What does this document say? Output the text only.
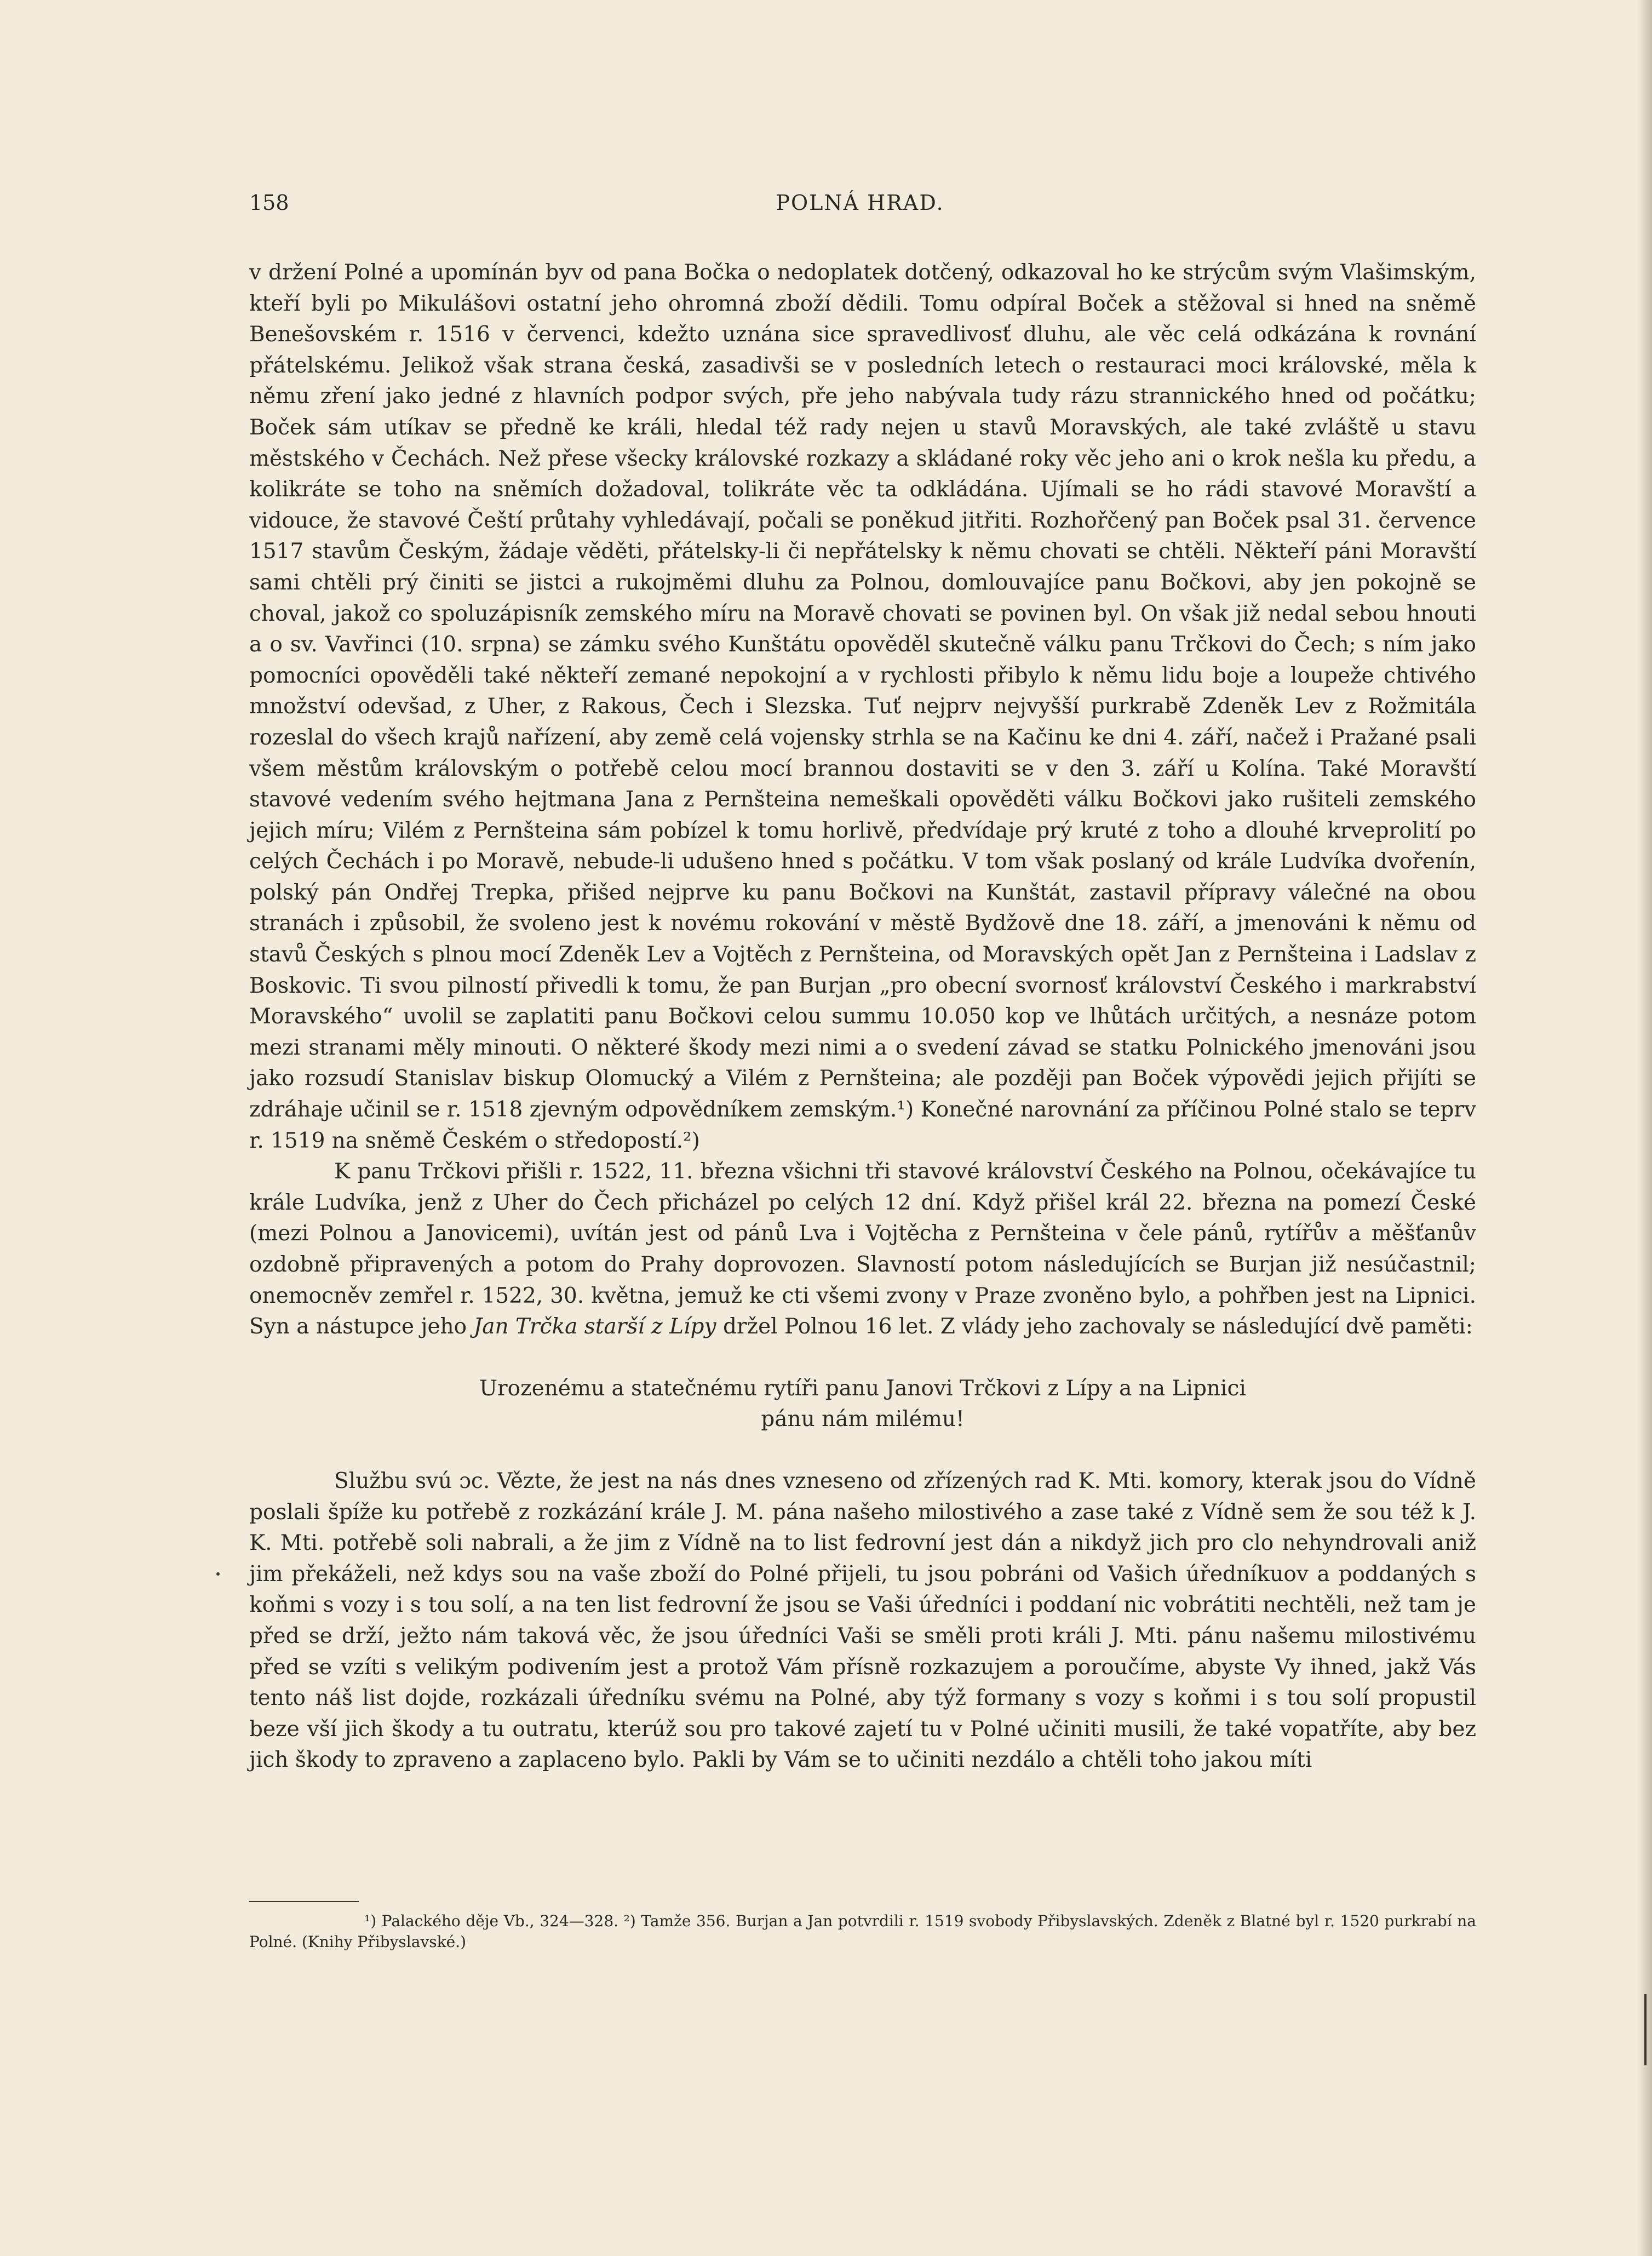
158	POLNÁ HRAD.

v držení Polné a upomínán byv od pana Bočka o nedoplatek dotčený, odkazoval ho ke strýcům svým Vlašimským, kteří byli po Mikulášovi ostatní jeho ohromná zboží dědili. Tomu odpíral Boček a stěžoval si hned na sněmě Benešovském r. 1516 v červenci, kdežto uznána sice spravedlivosť dluhu, ale věc celá odkázána k rovnání přátelskému. Jelikož však strana česká, zasadivši se v posledních letech o restauraci moci královské, měla k němu zření jako jedné z hlavních podpor svých, pře jeho nabývala tudy rázu strannického hned od počátku; Boček sám utíkav se předně ke králi, hledal též rady nejen u stavů Moravských, ale také zvláště u stavu městského v Čechách. Než přese všecky královské rozkazy a skládané roky věc jeho ani o krok nešla ku předu, a kolikráte se toho na sněmích dožadoval, tolikráte věc ta odkládána. Ujímali se ho rádi stavové Moravští a vidouce, že stavové Čeští průtahy vyhledávají, počali se poněkud jitřiti. Rozhořčený pan Boček psal 31. července 1517 stavům Českým, žádaje věděti, přátelsky-li či nepřátelsky k němu chovati se chtěli. Někteří páni Moravští sami chtěli prý činiti se jistci a rukojměmi dluhu za Polnou, domlouvajíce panu Bočkovi, aby jen pokojně se choval, jakož co spoluzápisník zemského míru na Moravě chovati se povinen byl. On však již nedal sebou hnouti a o sv. Vavřinci (10. srpna) se zámku svého Kunštátu opověděl skutečně válku panu Trčkovi do Čech; s ním jako pomocníci opověděli také někteří zemané nepokojní a v rychlosti přibylo k němu lidu boje a loupeže chtivého množství odevšad, z Uher, z Rakous, Čech i Slezska. Tuť nejprv nejvyšší purkrabě Zdeněk Lev z Rožmitála rozeslal do všech krajů nařízení, aby země celá vojensky strhla se na Kačinu ke dni 4. září, načež i Pražané psali všem městům královským o potřebě celou mocí brannou dostaviti se v den 3. září u Kolína. Také Moravští stavové vedením svého hejtmana Jana z Pernšteina nemeškali opověděti válku Bočkovi jako rušiteli zemského jejich míru; Vilém z Pernšteina sám pobízel k tomu horlivě, předvídaje prý kruté z toho a dlouhé krveprolití po celých Čechách i po Moravě, nebude-li udušeno hned s počátku. V tom však poslaný od krále Ludvíka dvořenín, polský pán Ondřej Trepka, přišed nejprve ku panu Bočkovi na Kunštát, zastavil přípravy válečné na obou stranách i způsobil, že svoleno jest k novému rokování v městě Bydžově dne 18. září, a jmenováni k němu od stavů Českých s plnou mocí Zdeněk Lev a Vojtěch z Pernšteina, od Moravských opět Jan z Pernšteina i Ladslav z Boskovic. Ti svou pilností přivedli k tomu, že pan Burjan „pro obecní svornosť království Českého i markrabství Moravského“ uvolil se zaplatiti panu Bočkovi celou summu 10.050 kop ve lhůtách určitých, a nesnáze potom mezi stranami měly minouti. O některé škody mezi nimi a o svedení závad se statku Polnického jmenováni jsou jako rozsudí Stanislav biskup Olomucký a Vilém z Pernšteina; ale později pan Boček výpovědi jejich přijíti se zdráhaje učinil se r. 1518 zjevným odpovědníkem zemským.¹) Konečné narovnání za příčinou Polné stalo se teprv r. 1519 na sněmě Českém o středopostí.²)

K panu Trčkovi přišli r. 1522, 11. března všichni tři stavové království Českého na Polnou, očekávajíce tu krále Ludvíka, jenž z Uher do Čech přicházel po celých 12 dní. Když přišel král 22. března na pomezí České (mezi Polnou a Janovicemi), uvítán jest od pánů Lva i Vojtěcha z Pernšteina v čele pánů, rytířův a měšťanův ozdobně připravených a potom do Prahy doprovozen. Slavností potom následujících se Burjan již nesúčastnil; onemocněv zemřel r. 1522, 30. května, jemuž ke cti všemi zvony v Praze zvoněno bylo, a pohřben jest na Lipnici. Syn a nástupce jeho Jan Trčka starší z Lípy držel Polnou 16 let. Z vlády jeho zachovaly se následující dvě paměti:

Urozenému a statečnému rytíři panu Janovi Trčkovi z Lípy a na Lipnici

pánu nám milému!

Službu svú ɔc. Vězte, že jest na nás dnes vzneseno od zřízených rad K. Mti. komory, kterak jsou do Vídně poslali špíže ku potřebě z rozkázání krále J. M. pána našeho milostivého a zase také z Vídně sem že sou též k J. K. Mti. potřebě soli nabrali, a že jim z Vídně na to list fedrovní jest dán a nikdyž jich pro clo nehyndrovali aniž jim překáželi, než kdys sou na vaše zboží do Polné přijeli, tu jsou pobráni od Vašich úředníkuov a poddaných s koňmi s vozy i s tou solí, a na ten list fedrovní že jsou se Vaši úředníci i poddaní nic vobrátiti nechtěli, než tam je před se drží, ježto nám taková věc, že jsou úředníci Vaši se směli proti králi J. Mti. pánu našemu milostivému před se vzíti s velikým podivením jest a protož Vám přísně rozkazujem a poroučíme, abyste Vy ihned, jakž Vás tento náš list dojde, rozkázali úředníku svému na Polné, aby týž formany s vozy s koňmi i s tou solí propustil beze vší jich škody a tu outratu, kterúž sou pro takové zajetí tu v Polné učiniti musili, že také vopatříte, aby bez jich škody to zpraveno a zaplaceno bylo. Pakli by Vám se to učiniti nezdálo a chtěli toho jakou míti

¹) Palackého děje Vb., 324—328. ²) Tamže 356. Burjan a Jan potvrdili r. 1519 svobody Přibyslavských. Zdeněk z Blatné byl r. 1520 purkrabí na Polné. (Knihy Přibyslavské.)
